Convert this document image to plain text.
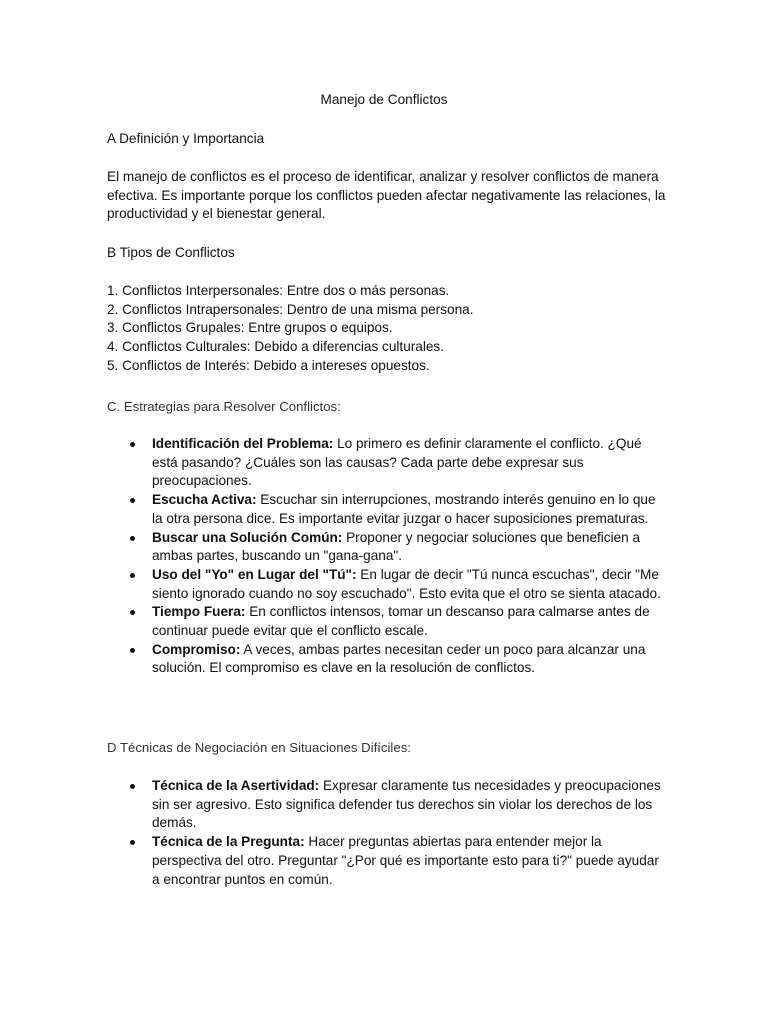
Manejo de Conflictos
A Definición y Importancia
El manejo de conflictos es el proceso de identificar, analizar y resolver conflictos de manera efectiva. Es importante porque los conflictos pueden afectar negativamente las relaciones, la productividad y el bienestar general.
B Tipos de Conflictos
1. Conflictos Interpersonales: Entre dos o más personas.
2. Conflictos Intrapersonales: Dentro de una misma persona.
3. Conflictos Grupales: Entre grupos o equipos.
4. Conflictos Culturales: Debido a diferencias culturales.
5. Conflictos de Interés: Debido a intereses opuestos.
C. Estrategias para Resolver Conflictos:
Identificación del Problema: Lo primero es definir claramente el conflicto. ¿Qué está pasando? ¿Cuáles son las causas? Cada parte debe expresar sus preocupaciones.
Escucha Activa: Escuchar sin interrupciones, mostrando interés genuino en lo que la otra persona dice. Es importante evitar juzgar o hacer suposiciones prematuras.
Buscar una Solución Común: Proponer y negociar soluciones que beneficien a ambas partes, buscando un "gana-gana".
Uso del "Yo" en Lugar del "Tú": En lugar de decir "Tú nunca escuchas", decir "Me siento ignorado cuando no soy escuchado". Esto evita que el otro se sienta atacado.
Tiempo Fuera: En conflictos intensos, tomar un descanso para calmarse antes de continuar puede evitar que el conflicto escale.
Compromiso: A veces, ambas partes necesitan ceder un poco para alcanzar una solución. El compromiso es clave en la resolución de conflictos.
D Técnicas de Negociación en Situaciones Difíciles:
Técnica de la Asertividad: Expresar claramente tus necesidades y preocupaciones sin ser agresivo. Esto significa defender tus derechos sin violar los derechos de los demás.
Técnica de la Pregunta: Hacer preguntas abiertas para entender mejor la perspectiva del otro. Preguntar "¿Por qué es importante esto para ti?" puede ayudar a encontrar puntos en común.
